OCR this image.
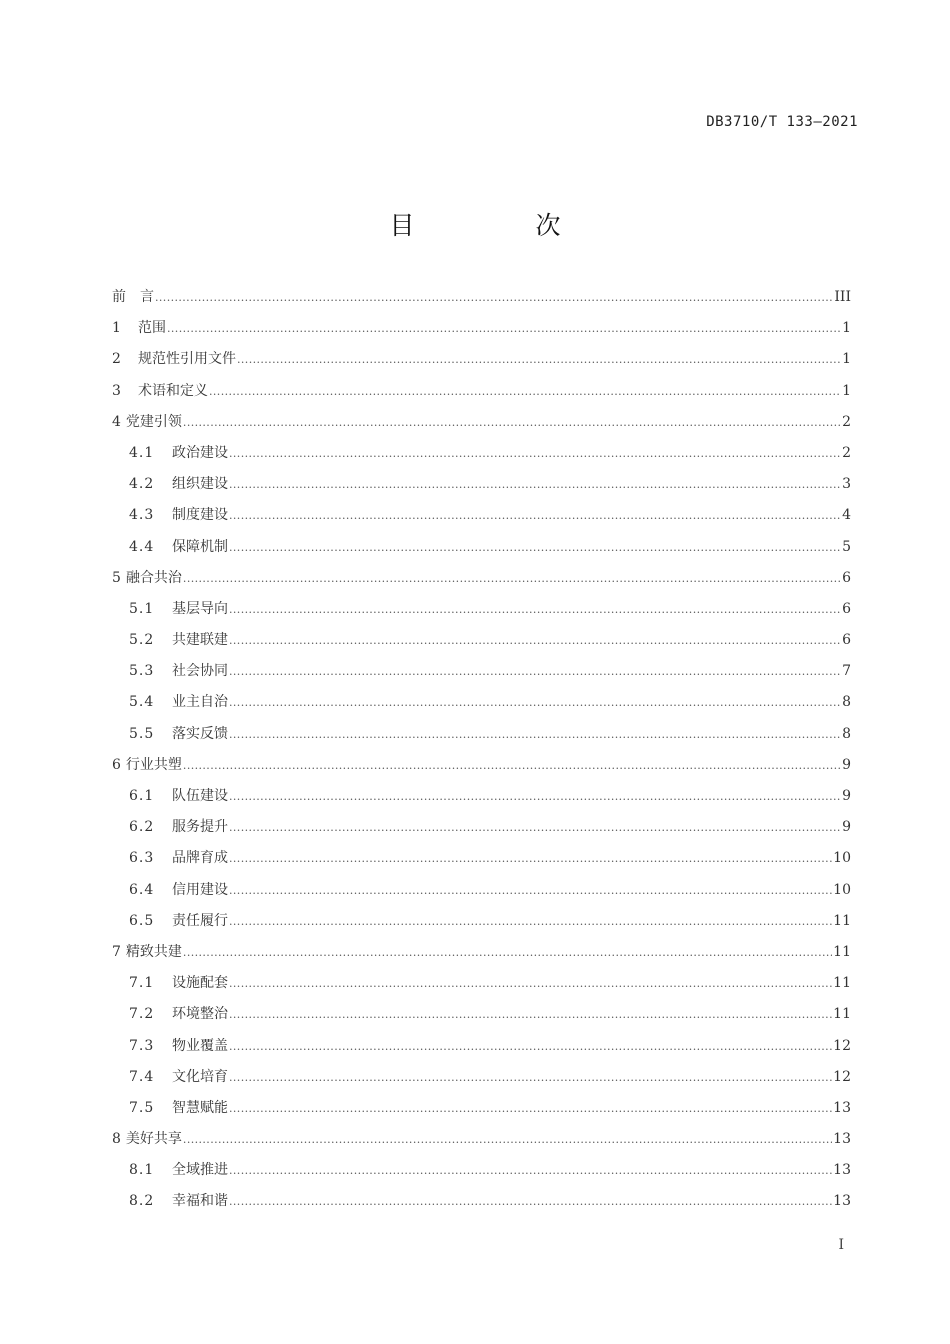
DB3710/T 133—2021
目　次
前　言 .....	III
1 范围 .....	1
2 规范性引用文件 .....	1
3 术语和定义 .....	1
4 党建引领 .....	2
4.1 政治建设 .....	2
4.2 组织建设 .....	3
4.3 制度建设 .....	4
4.4 保障机制 .....	5
5 融合共治 .....	6
5.1 基层导向 .....	6
5.2 共建联建 .....	6
5.3 社会协同 .....	7
5.4 业主自治 .....	8
5.5 落实反馈 .....	8
6 行业共塑 .....	9
6.1 队伍建设 .....	9
6.2 服务提升 .....	9
6.3 品牌育成 .....	10
6.4 信用建设 .....	10
6.5 责任履行 .....	11
7 精致共建 .....	11
7.1 设施配套 .....	11
7.2 环境整治 .....	11
7.3 物业覆盖 .....	12
7.4 文化培育 .....	12
7.5 智慧赋能 .....	13
8 美好共享 .....	13
8.1 全域推进 .....	13
8.2 幸福和谐 .....	13
I
